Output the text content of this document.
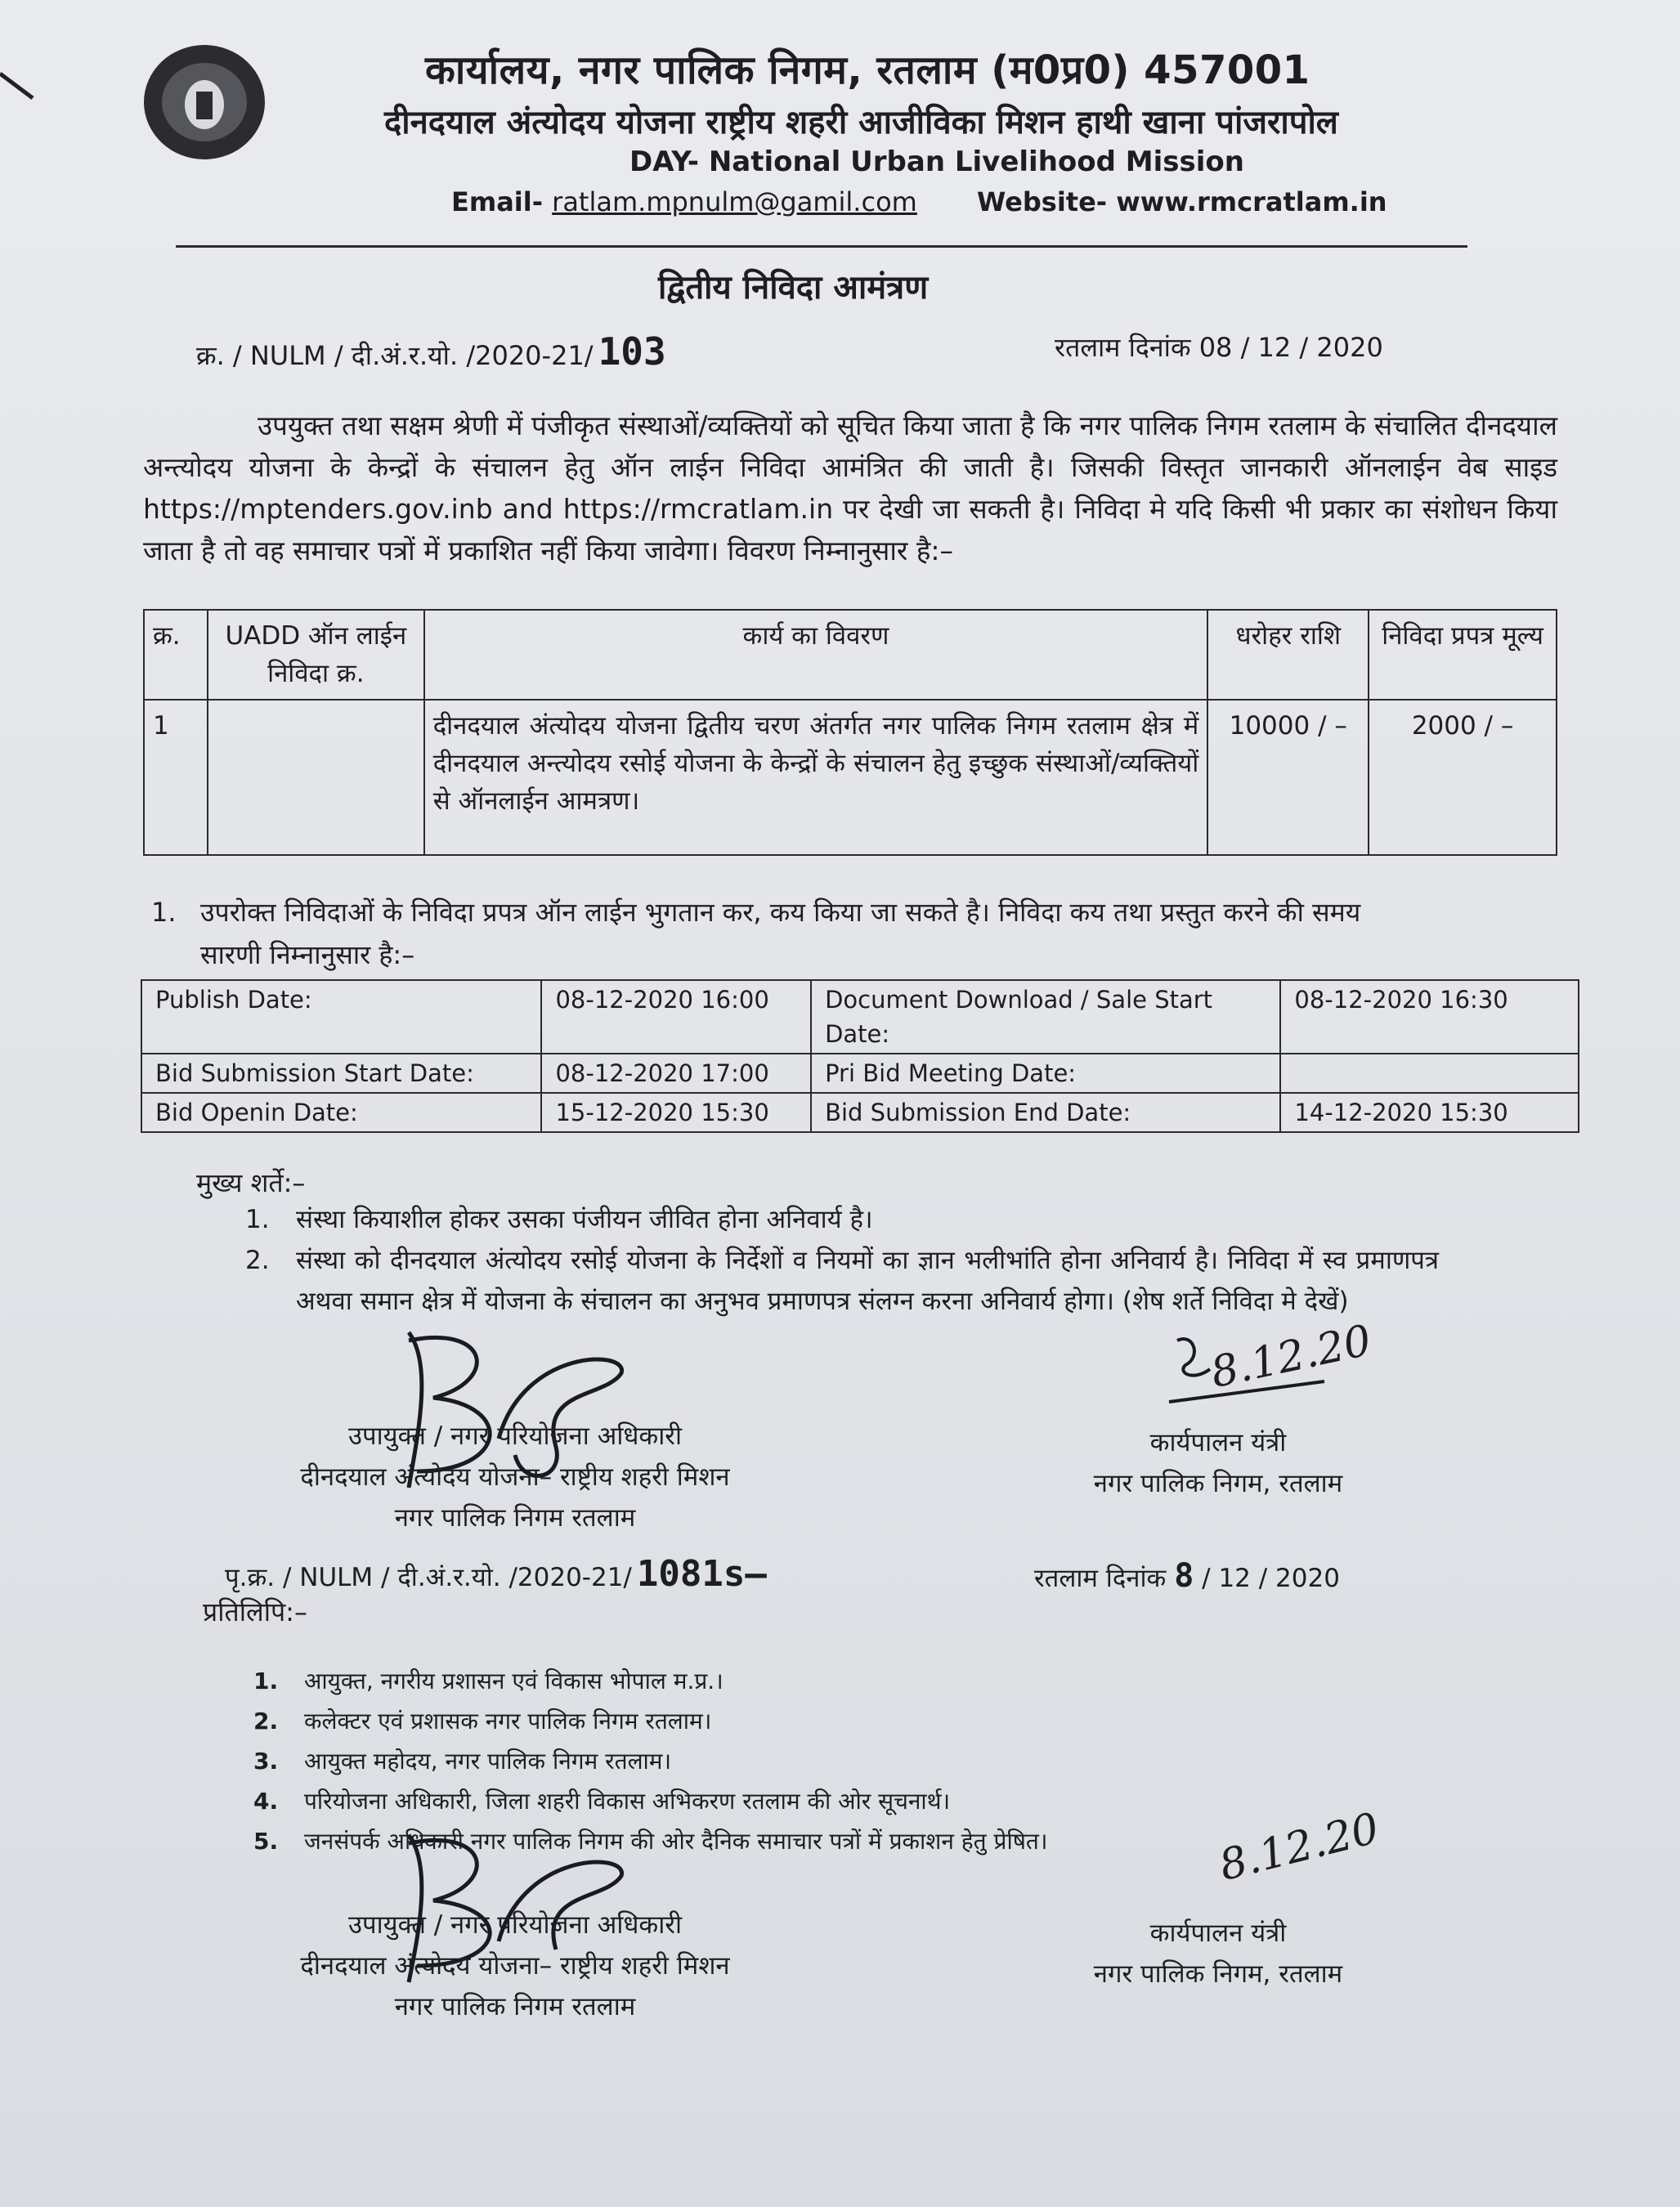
कार्यालय, नगर पालिक निगम, रतलाम (म0प्र0) 457001
दीनदयाल अंत्योदय योजना राष्ट्रीय शहरी आजीविका मिशन हाथी खाना पांजरापोल
DAY- National Urban Livelihood Mission
Email- ratlam.mpnulm@gamil.com Website- www.rmcratlam.in
द्वितीय निविदा आमंत्रण
क्र. / NULM / दी.अं.र.यो. /2020-21/ 103	रतलाम दिनांक 08 / 12 / 2020
उपयुक्त तथा सक्षम श्रेणी में पंजीकृत संस्थाओं/व्यक्तियों को सूचित किया जाता है कि नगर पालिक निगम रतलाम के संचालित दीनदयाल अन्त्योदय योजना के केन्द्रों के संचालन हेतु ऑन लाईन निविदा आमंत्रित की जाती है। जिसकी विस्तृत जानकारी ऑनलाईन वेब साइड https://mptenders.gov.inb and https://rmcratlam.in पर देखी जा सकती है। निविदा मे यदि किसी भी प्रकार का संशोधन किया जाता है तो वह समाचार पत्रों में प्रकाशित नहीं किया जावेगा। विवरण निम्नानुसार है:–
क्र.	UADD ऑन लाईन निविदा क्र.	कार्य का विवरण	धरोहर राशि	निविदा प्रपत्र मूल्य
1		दीनदयाल अंत्योदय योजना द्वितीय चरण अंतर्गत नगर पालिक निगम रतलाम क्षेत्र में दीनदयाल अन्त्योदय रसोई योजना के केन्द्रों के संचालन हेतु इच्छुक संस्थाओं/व्यक्तियों से ऑनलाईन आमत्रण।	10000 / –	2000 / –
1. उपरोक्त निविदाओं के निविदा प्रपत्र ऑन लाईन भुगतान कर, कय किया जा सकते है। निविदा कय तथा प्रस्तुत करने की समय सारणी निम्नानुसार है:–
Publish Date:	08-12-2020 16:00	Document Download / Sale Start Date:	08-12-2020 16:30
Bid Submission Start Date:	08-12-2020 17:00	Pri Bid Meeting Date:	
Bid Openin Date:	15-12-2020 15:30	Bid Submission End Date:	14-12-2020 15:30
मुख्य शर्ते:–
1. संस्था कियाशील होकर उसका पंजीयन जीवित होना अनिवार्य है।
2. संस्था को दीनदयाल अंत्योदय रसोई योजना के निर्देशों व नियमों का ज्ञान भलीभांति होना अनिवार्य है। निविदा में स्व प्रमाणपत्र अथवा समान क्षेत्र में योजना के संचालन का अनुभव प्रमाणपत्र संलग्न करना अनिवार्य होगा। (शेष शर्ते निविदा मे देखें)
उपायुक्त / नगर परियोजना अधिकारी
दीनदयाल अंत्योदय योजना– राष्ट्रीय शहरी मिशन
नगर पालिक निगम रतलाम
8.12.20
कार्यपालन यंत्री
नगर पालिक निगम, रतलाम
पृ.क्र. / NULM / दी.अं.र.यो. /2020-21/ 1081s–	रतलाम दिनांक 8 / 12 / 2020
प्रतिलिपि:–
1. आयुक्त, नगरीय प्रशासन एवं विकास भोपाल म.प्र.।
2. कलेक्टर एवं प्रशासक नगर पालिक निगम रतलाम।
3. आयुक्त महोदय, नगर पालिक निगम रतलाम।
4. परियोजना अधिकारी, जिला शहरी विकास अभिकरण रतलाम की ओर सूचनार्थ।
5. जनसंपर्क अधिकारी नगर पालिक निगम की ओर दैनिक समाचार पत्रों में प्रकाशन हेतु प्रेषित।
उपायुक्त / नगर परियोजना अधिकारी
दीनदयाल अंत्योदय योजना– राष्ट्रीय शहरी मिशन
नगर पालिक निगम रतलाम
8.12.20
कार्यपालन यंत्री
नगर पालिक निगम, रतलाम
